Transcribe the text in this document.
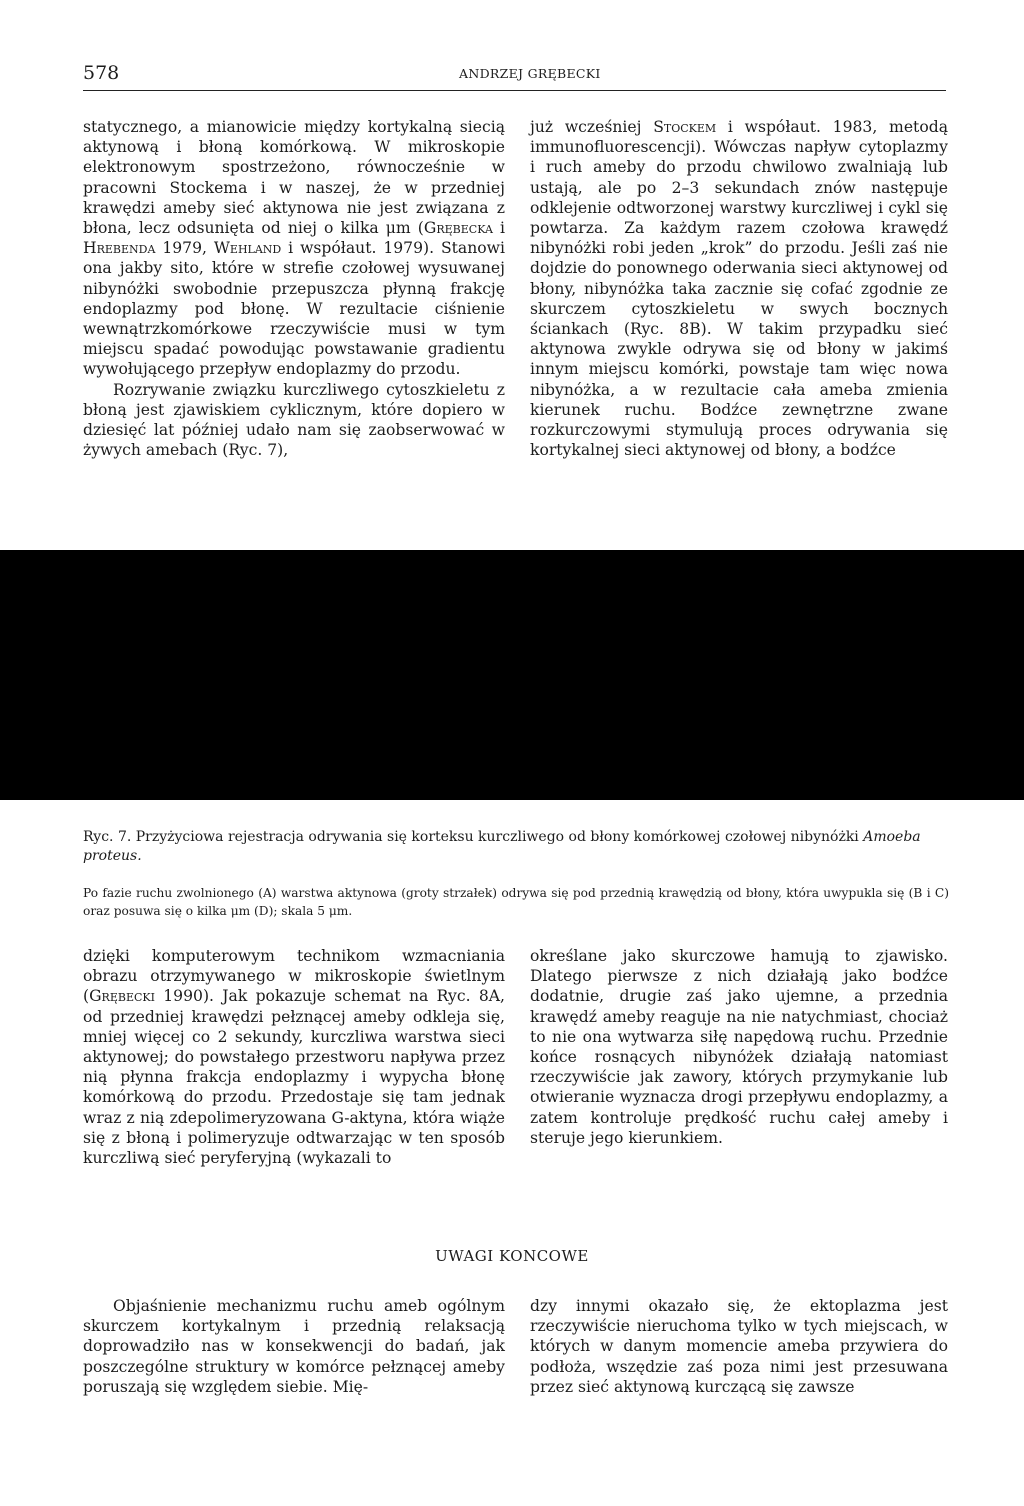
578	ANDRZEJ GRĘBECKI

statycznego, a mianowicie między kortykalną siecią aktynową i błoną komórkową. W mikroskopie elektronowym spostrzeżono, równocześnie w pracowni Stockema i w naszej, że w przedniej krawędzi ameby sieć aktynowa nie jest związana z błona, lecz odsunięta od niej o kilka μm (Grębecka i Hrebenda 1979, Wehland i współaut. 1979). Stanowi ona jakby sito, które w strefie czołowej wysuwanej nibynóżki swobodnie przepuszcza płynną frakcję endoplazmy pod błonę. W rezultacie ciśnienie wewnątrzkomórkowe rzeczywiście musi w tym miejscu spadać powodując powstawanie gradientu wywołującego przepływ endoplazmy do przodu.

Rozrywanie związku kurczliwego cytoszkieletu z błoną jest zjawiskiem cyklicznym, które dopiero w dziesięć lat później udało nam się zaobserwować w żywych amebach (Ryc. 7),

już wcześniej Stockem i współaut. 1983, metodą immunofluorescencji). Wówczas napływ cytoplazmy i ruch ameby do przodu chwilowo zwalniają lub ustają, ale po 2–3 sekundach znów następuje odklejenie odtworzonej warstwy kurczliwej i cykl się powtarza. Za każdym razem czołowa krawędź nibynóżki robi jeden „krok” do przodu. Jeśli zaś nie dojdzie do ponownego oderwania sieci aktynowej od błony, nibynóżka taka zacznie się cofać zgodnie ze skurczem cytoszkieletu w swych bocznych ściankach (Ryc. 8B). W takim przypadku sieć aktynowa zwykle odrywa się od błony w jakimś innym miejscu komórki, powstaje tam więc nowa nibynóżka, a w rezultacie cała ameba zmienia kierunek ruchu. Bodźce zewnętrzne zwane rozkurczowymi stymulują proces odrywania się kortykalnej sieci aktynowej od błony, a bodźce

Ryc. 7. Przyżyciowa rejestracja odrywania się korteksu kurczliwego od błony komórkowej czołowej nibynóżki Amoeba proteus.
Po fazie ruchu zwolnionego (A) warstwa aktynowa (groty strzałek) odrywa się pod przednią krawędzią od błony, która uwypukla się (B i C) oraz posuwa się o kilka μm (D); skala 5 μm.

dzięki komputerowym technikom wzmacniania obrazu otrzymywanego w mikroskopie świetlnym (Grębecki 1990). Jak pokazuje schemat na Ryc. 8A, od przedniej krawędzi pełznącej ameby odkleja się, mniej więcej co 2 sekundy, kurczliwa warstwa sieci aktynowej; do powstałego przestworu napływa przez nią płynna frakcja endoplazmy i wypycha błonę komórkową do przodu. Przedostaje się tam jednak wraz z nią zdepolimeryzowana G-aktyna, która wiąże się z błoną i polimeryzuje odtwarzając w ten sposób kurczliwą sieć peryferyjną (wykazali to

określane jako skurczowe hamują to zjawisko. Dlatego pierwsze z nich działają jako bodźce dodatnie, drugie zaś jako ujemne, a przednia krawędź ameby reaguje na nie natychmiast, chociaż to nie ona wytwarza siłę napędową ruchu. Przednie końce rosnących nibynóżek działają natomiast rzeczywiście jak zawory, których przymykanie lub otwieranie wyznacza drogi przepływu endoplazmy, a zatem kontroluje prędkość ruchu całej ameby i steruje jego kierunkiem.

UWAGI KONCOWE

Objaśnienie mechanizmu ruchu ameb ogólnym skurczem kortykalnym i przednią relaksacją doprowadziło nas w konsekwencji do badań, jak poszczególne struktury w komórce pełznącej ameby poruszają się względem siebie. Mię-

dzy innymi okazało się, że ektoplazma jest rzeczywiście nieruchoma tylko w tych miejscach, w których w danym momencie ameba przywiera do podłoża, wszędzie zaś poza nimi jest przesuwana przez sieć aktynową kurczącą się zawsze
